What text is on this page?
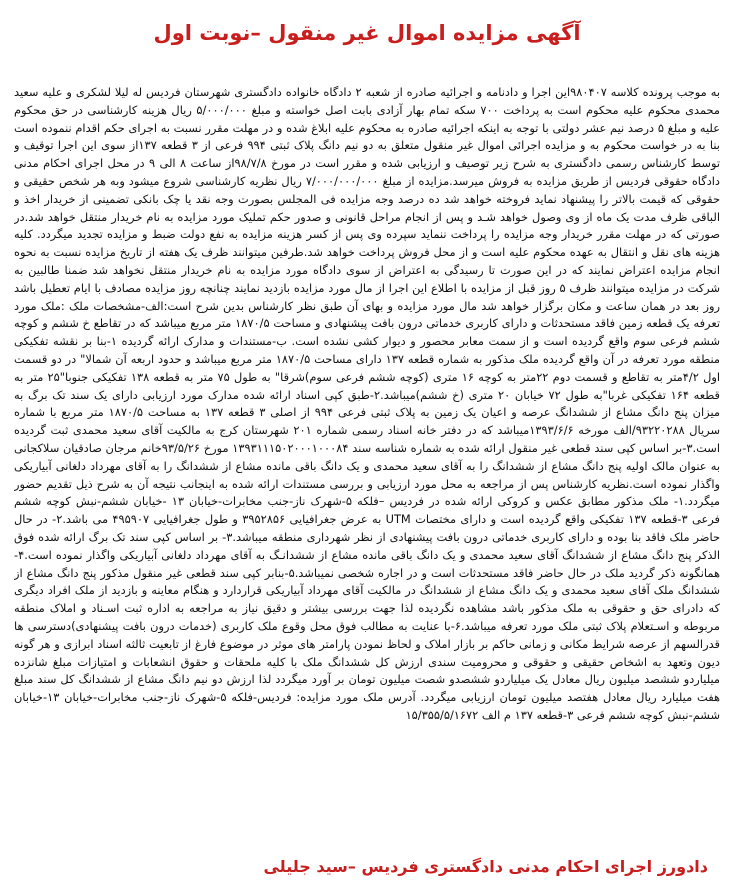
آگهی مزایده اموال غیر منقول –نوبت اول

به موجب پرونده کلاسه ۹۸۰۴۰۷این اجرا و دادنامه و اجرائیه صادره از شعبه ۲ دادگاه خانواده دادگستری شهرستان فردیس له لیلا لشکری و علیه سعید محمدی محکوم علیه محکوم است به پرداخت ۷۰۰ سکه تمام بهار آزادی بابت اصل خواسته و مبلغ ۵/۰۰۰/۰۰۰ ریال هزینه کارشناسی در حق محکوم علیه و مبلغ ۵ درصد نیم عشر دولتی با توجه به اینکه اجرائیه صادره به محکوم علیه ابلاغ شده و در مهلت مقرر نسبت به اجرای حکم اقدام ننموده است بنا به در خواست محکوم به و مزایده اجرائی اموال غیر منقول متعلق به دو نیم دانگ پلاک ثبتی ۹۹۴ فرعی از ۳ قطعه ۱۳۷از سوی این اجرا توقیف و توسط کارشناس رسمی دادگستری به شرح زیر توصیف و ارزیابی شده و مقرر است در مورخ ۹۸/۷/۸از ساعت ۸ الی ۹ در محل اجرای احکام مدنی دادگاه حقوقی فردیس از طریق مزایده به فروش میرسد.مزایده از مبلغ ۷/۰۰۰/۰۰۰/۰۰۰ ریال نظریه کارشناسی شروع میشود وبه هر شخص حقیقی و حقوقی که قیمت بالاتر را پیشنهاد نماید فروخته خواهد شد ده درصد وجه مزایده فی المجلس بصورت وجه نقد یا چک بانکی تضمینی از خریدار اخذ و الباقی ظرف مدت یک ماه از وی وصول خواهد شـد و پس از انجام مراحل قانونی و صدور حکم تملیک مورد مزایده به نام خریدار منتقل خواهد شد.در صورتی که در مهلت مقرر خریدار وجه مزایده را پرداخت ننماید سپرده وی پس از کسر هزینه مزایده به نفع دولت ضبط و مزایده تجدید میگردد. کلیه هزینه های نقل و انتقال به عهده محکوم علیه است و از محل فروش پرداخت خواهد شد.طرفین میتوانند ظرف یک هفته از تاریخ مزایده نسبت به نحوه انجام مزایده اعتراض نمایند که در این صورت تا رسیدگی به اعتراض از سوی دادگاه مورد مزایده به نام خریدار منتقل نخواهد شد ضمنا طالبین به شرکت در مزایده میتوانند ظرف ۵ روز قبل از مزایده با اطلاع این اجرا از مال مورد مزایده بازدید نمایند چنانچه روز مزایده مصادف با ایام تعطیل باشد روز بعد در همان ساعت و مکان برگزار خواهد شد مال مورد مزایده و بهای آن طبق نظر کارشناس بدین شرح است:الف-مشخصات ملک :ملک مورد تعرفه یک قطعه زمین فاقد مستحدثات و دارای کاربری خدماتی درون بافت پیشنهادی و مساحت ۱۸۷۰/۵ متر مربع میباشد که در تقاطع خ ششم و کوچه ششم فرعی سوم واقع گردیده است و از سمت معابر محصور و دیوار کشی نشده است. ب-مستندات و مدارک ارائه گردیده ۱-بنا بر نقشه تفکیکی منطقه مورد تعرفه در آن واقع گردیده ملک مذکور به شماره قطعه ۱۳۷ دارای مساحت ۱۸۷۰/۵ متر مربع میباشد و حدود اربعه آن شمالا" در دو قسمت اول ۴/۲متر به تقاطع و قسمت دوم ۲۲متر به کوچه ۱۶ متری (کوچه ششم فرعی سوم)شرقا" به طول ۷۵ متر به قطعه ۱۳۸ تفکیکی جنوبا"۲۵ متر به قطعه ۱۶۴ تفکیکی غربا"به طول ۷۲ خیابان ۲۰ متری (خ ششم)میباشد.۲-طبق کپی اسناد ارائه شده مدارک مورد ارزیابی دارای یک سند تک برگ به میزان پنج دانگ مشاع از ششدانگ عرصه و اعیان یک زمین به پلاک ثبتی فرعی ۹۹۴ از اصلی ۳ قطعه ۱۳۷ به مساحت ۱۸۷۰/۵ متر مربع با شماره سریال ۹۳۲۲۰۲۸۸/الف مورخه ۱۳۹۳/۶/۶میباشد که در دفتر خانه اسناد رسمی شماره ۲۰۱ شهرستان کرج به مالکیت آقای سعید محمدی ثبت گردیده است.۳-بر اساس کپی سند قطعی غیر منقول ارائه شده به شماره شناسه سند ۱۳۹۳۱۱۱۵۰۲۰۰۰۱۰۰۰۸۴ مورخ ۹۳/۵/۲۶خانم مرجان صادقیان سلاکجانی به عنوان مالک اولیه پنج دانگ مشاع از ششدانگ را به آقای سعید محمدی و یک دانگ باقی مانده مشاع از ششدانگ را به آقای مهرداد دلغانی آبیاریکی واگذار نموده است.نظریه کارشناس پس از مراجعه به محل مورد ارزیابی و بررسی مستندات ارائه شده به اینجانب نتیجه آن به شرح ذیل تقدیم حضور میگردد.۱- ملک مذکور مطابق عکس و کروکی ارائه شده در فردیس –فلکه ۵-شهرک ناز-جنب مخابرات-خیابان ۱۳ -خیابان ششم-نبش کوچه ششم فرعی ۳-قطعه ۱۳۷ تفکیکی واقع گردیده است و دارای مختصات UTM به عرض جغرافیایی ۳۹۵۲۸۵۶ و طول جغرافیایی ۴۹۵۹۰۷ می باشد.۲- در حال حاضر ملک فاقد بنا بوده و دارای کاربری خدماتی درون بافت پیشنهادی از نظر شهرداری منطقه میباشد.۳- بر اساس کپی سند تک برگ ارائه شده فوق الذکر پنج دانگ مشاع از ششدانگ آقای سعید محمدی و یک دانگ باقی مانده مشاع از ششدانـگ به آقای مهرداد دلغانی آبیاریکی واگذار نموده است.۴-همانگونه ذکر گردید ملک در حال حاضر فاقد مستحدثات است و در اجاره شخصی نمیباشد.۵-بنابر کپی سند قطعی غیر منقول مذکور پنج دانگ مشاع از ششدانگ ملک آقای سعید محمدی و یک دانگ مشاع از ششدانگ در مالکیت آقای مهرداد آبیاریکی قراردارد و هنگام معاینه و بازدید از ملک افراد دیگری که دادرای حق و حقوقی به ملک مذکور باشد مشاهده نگردیده لذا جهت بررسی بیشتر و دقیق نیاز به مراجعه به اداره ثبت اسـناد و املاک منطقه مربوطه و اسـتعلام پلاک ثبتی ملک مورد تعرفه میباشد.۶-با عنایت به مطالب فوق محل وقوع ملک کاربری (خدمات درون بافت پیشنهادی)دسترسی ها قدرالسهم از عرصه شرایط مکانی و زمانی حاکم بر بازار املاک و لحاظ نمودن پارامتر های موثر در موضوع فارغ از تابعیت ثالثه اسناد ابرازی و هر گونه دیون وتعهد به اشخاص حقیقی و حقوقی و محرومیت سندی ارزش کل ششدانگ ملک با کلیه ملحقات و حقوق انشعابات و امتیازات مبلغ شانزده میلیاردو ششصد میلیون ریال معادل یک میلیاردو ششصدو شصت میلیون تومان بر آورد میگردد لذا ارزش دو نیم دانگ مشاع از ششدانگ کل سند مبلغ هفت میلیارد ریال معادل هفتصد میلیون تومان ارزیابی میگردد. آدرس ملک مورد مزایده: فردیس-فلکه ۵-شهرک ناز-جنب مخابرات-خیابان ۱۳-خیابان ششم-نبش کوچه ششم فرعی ۳-قطعه ۱۳۷ م الف ۱۵/۳۵۵/۵/۱۶۷۲

دادورز اجرای احکام مدنی دادگستری فردیس –سید جلیلی
